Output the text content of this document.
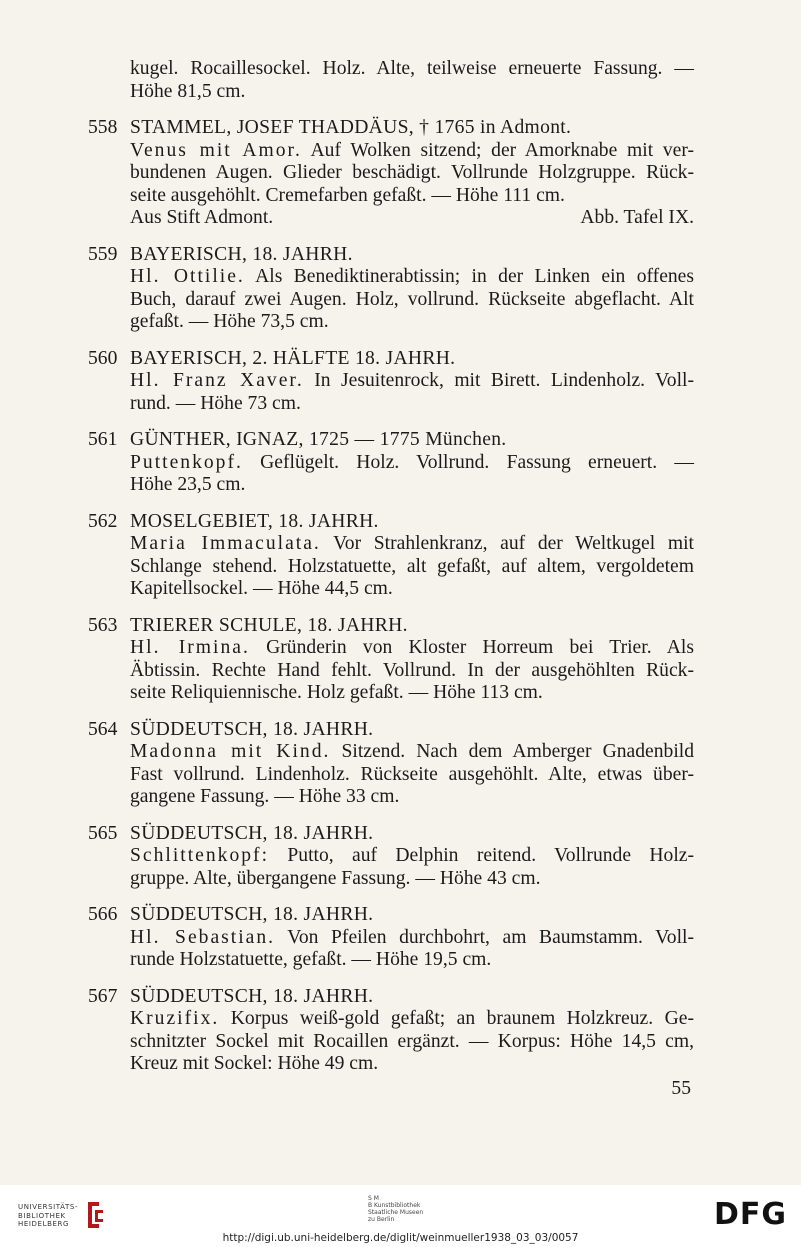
kugel. Rocaillesockel. Holz. Alte, teilweise erneuerte Fassung. —
Höhe 81,5 cm.
558 STAMMEL, JOSEF THADDÄUS, † 1765 in Admont.
Venus mit Amor. Auf Wolken sitzend; der Amorknabe mit ver-
bundenen Augen. Glieder beschädigt. Vollrunde Holzgruppe. Rück-
seite ausgehöhlt. Cremefarben gefaßt. — Höhe 111 cm.
Aus Stift Admont.	Abb. Tafel IX.
559 BAYERISCH, 18. JAHRH.
Hl. Ottilie. Als Benediktinerabtissin; in der Linken ein offenes
Buch, darauf zwei Augen. Holz, vollrund. Rückseite abgeflacht. Alt
gefaßt. — Höhe 73,5 cm.
560 BAYERISCH, 2. HÄLFTE 18. JAHRH.
Hl. Franz Xaver. In Jesuitenrock, mit Birett. Lindenholz. Voll-
rund. — Höhe 73 cm.
561 GÜNTHER, IGNAZ, 1725 — 1775 München.
Puttenkopf. Geflügelt. Holz. Vollrund. Fassung erneuert. —
Höhe 23,5 cm.
562 MOSELGEBIET, 18. JAHRH.
Maria Immaculata. Vor Strahlenkranz, auf der Weltkugel mit
Schlange stehend. Holzstatuette, alt gefaßt, auf altem, vergoldetem
Kapitellsockel. — Höhe 44,5 cm.
563 TRIERER SCHULE, 18. JAHRH.
Hl. Irmina. Gründerin von Kloster Horreum bei Trier. Als
Äbtissin. Rechte Hand fehlt. Vollrund. In der ausgehöhlten Rück-
seite Reliquiennische. Holz gefaßt. — Höhe 113 cm.
564 SÜDDEUTSCH, 18. JAHRH.
Madonna mit Kind. Sitzend. Nach dem Amberger Gnadenbild
Fast vollrund. Lindenholz. Rückseite ausgehöhlt. Alte, etwas über-
gangene Fassung. — Höhe 33 cm.
565 SÜDDEUTSCH, 18. JAHRH.
Schlittenkopf: Putto, auf Delphin reitend. Vollrunde Holz-
gruppe. Alte, übergangene Fassung. — Höhe 43 cm.
566 SÜDDEUTSCH, 18. JAHRH.
Hl. Sebastian. Von Pfeilen durchbohrt, am Baumstamm. Voll-
runde Holzstatuette, gefaßt. — Höhe 19,5 cm.
567 SÜDDEUTSCH, 18. JAHRH.
Kruzifix. Korpus weiß-gold gefaßt; an braunem Holzkreuz. Ge-
schnitzter Sockel mit Rocaillen ergänzt. — Korpus: Höhe 14,5 cm,
Kreuz mit Sockel: Höhe 49 cm.
55
UNIVERSITÄTS-
BIBLIOTHEK
HEIDELBERG
S M
B Kunstbibliothek
Staatliche Museen
zu Berlin	DFG
http://digi.ub.uni-heidelberg.de/diglit/weinmueller1938_03_03/0057
